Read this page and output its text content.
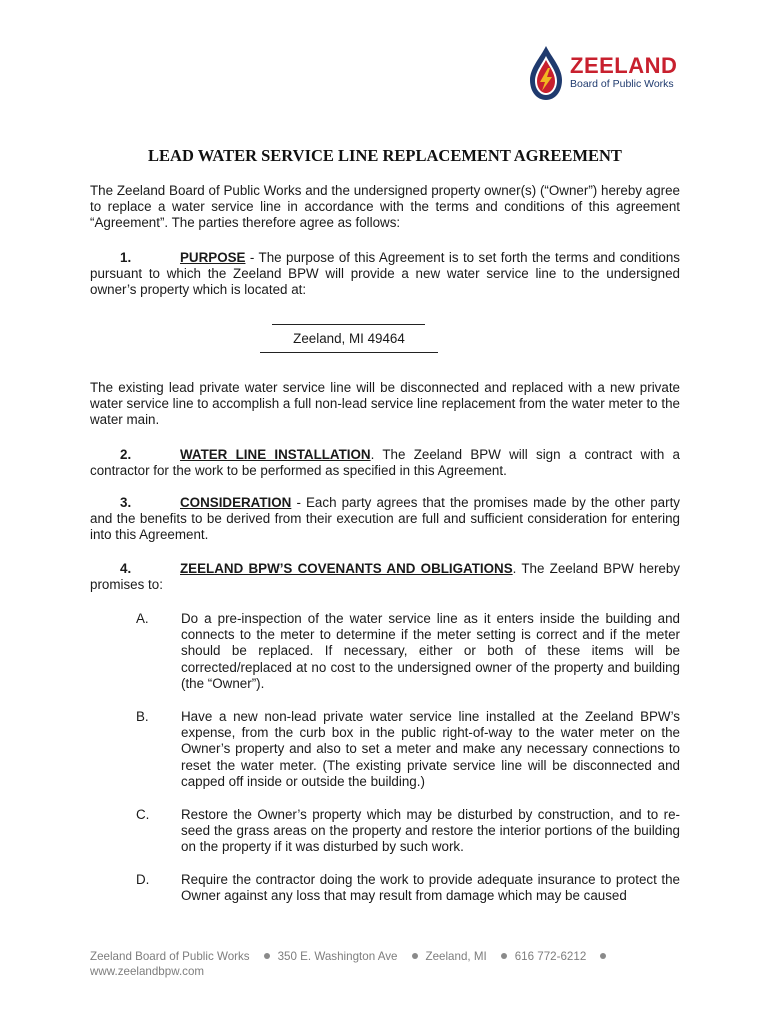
ZEELAND
Board of Public Works
LEAD WATER SERVICE LINE REPLACEMENT AGREEMENT
The Zeeland Board of Public Works and the undersigned property owner(s) (“Owner”) hereby agree to replace a water service line in accordance with the terms and conditions of this agreement “Agreement”. The parties therefore agree as follows:
1.	PURPOSE - The purpose of this Agreement is to set forth the terms and conditions pursuant to which the Zeeland BPW will provide a new water service line to the undersigned owner’s property which is located at:
Zeeland, MI 49464
The existing lead private water service line will be disconnected and replaced with a new private water service line to accomplish a full non-lead service line replacement from the water meter to the water main.
2.	WATER LINE INSTALLATION. The Zeeland BPW will sign a contract with a contractor for the work to be performed as specified in this Agreement.
3.	CONSIDERATION - Each party agrees that the promises made by the other party and the benefits to be derived from their execution are full and sufficient consideration for entering into this Agreement.
4.	ZEELAND BPW’S COVENANTS AND OBLIGATIONS. The Zeeland BPW hereby promises to:
A. Do a pre-inspection of the water service line as it enters inside the building and connects to the meter to determine if the meter setting is correct and if the meter should be replaced. If necessary, either or both of these items will be corrected/replaced at no cost to the undersigned owner of the property and building (the “Owner”).
B. Have a new non-lead private water service line installed at the Zeeland BPW’s expense, from the curb box in the public right-of-way to the water meter on the Owner’s property and also to set a meter and make any necessary connections to reset the water meter. (The existing private service line will be disconnected and capped off inside or outside the building.)
C. Restore the Owner’s property which may be disturbed by construction, and to re-seed the grass areas on the property and restore the interior portions of the building on the property if it was disturbed by such work.
D. Require the contractor doing the work to provide adequate insurance to protect the Owner against any loss that may result from damage which may be caused
Zeeland Board of Public Works 350 E. Washington Ave Zeeland, MI 616 772-6212
www.zeelandbpw.com
